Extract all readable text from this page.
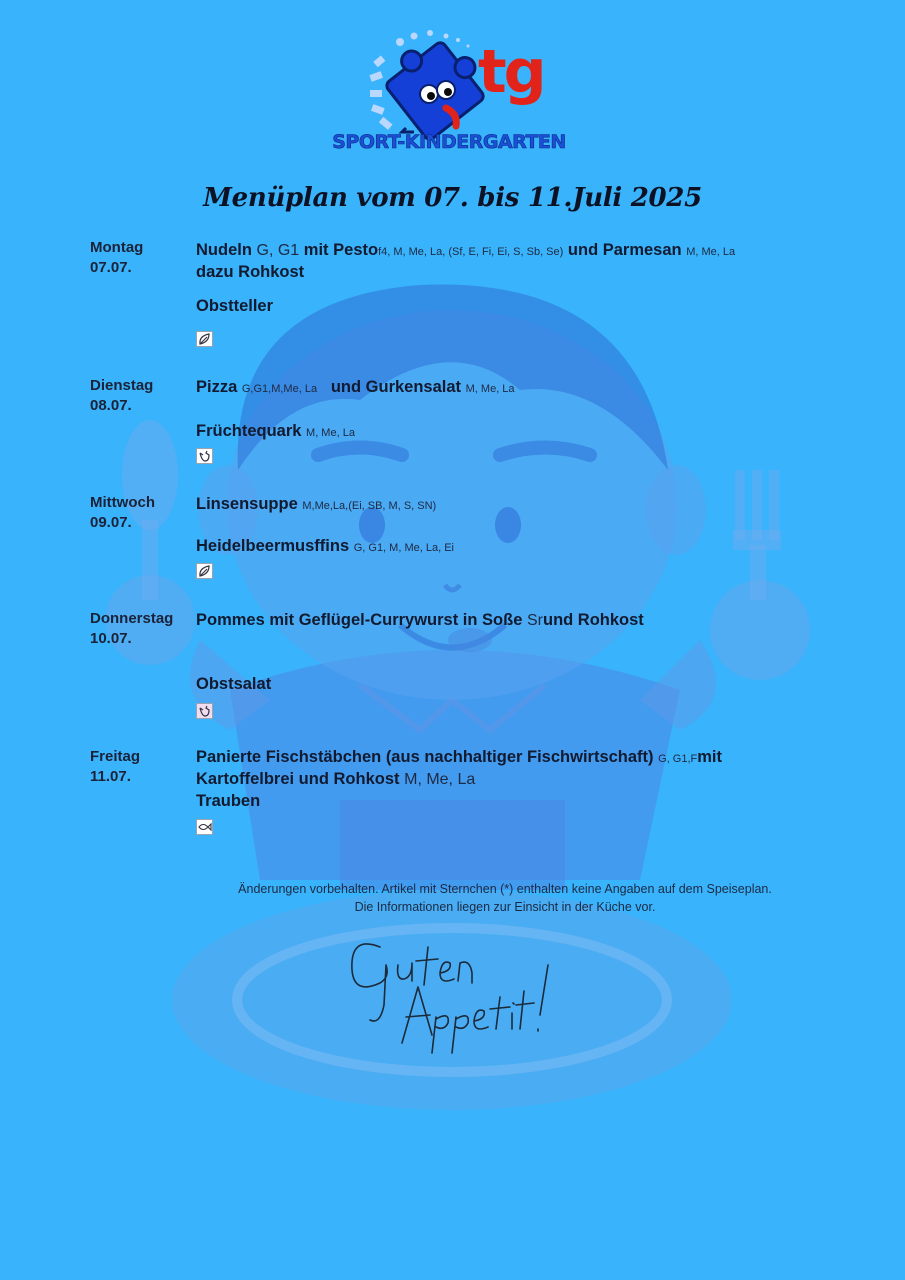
tg
SPORT-KINDERGARTEN
Menüplan vom 07. bis 11.Juli 2025
Montag
07.07.
Nudeln G, G1 mit Pestof4, M, Me, La, (Sf, E, Fi, Ei, S, Sb, Se) und Parmesan M, Me, La
dazu Rohkost
Obstteller
Dienstag
08.07.
Pizza G,G1,M,Me, La und Gurkensalat M, Me, La
Früchtequark M, Me, La
Mittwoch
09.07.
Linsensuppe M,Me,La,(Ei, SB, M, S, SN)
Heidelbeermusffins G, G1, M, Me, La, Ei
Donnerstag
10.07.
Pommes mit Geflügel-Currywurst in Soße Srund Rohkost
Obstsalat
Freitag
11.07.
Panierte Fischstäbchen (aus nachhaltiger Fischwirtschaft) G, G1,Fmit
Kartoffelbrei und Rohkost M, Me, La
Trauben
Änderungen vorbehalten. Artikel mit Sternchen (*) enthalten keine Angaben auf dem Speiseplan.
Die Informationen liegen zur Einsicht in der Küche vor.
